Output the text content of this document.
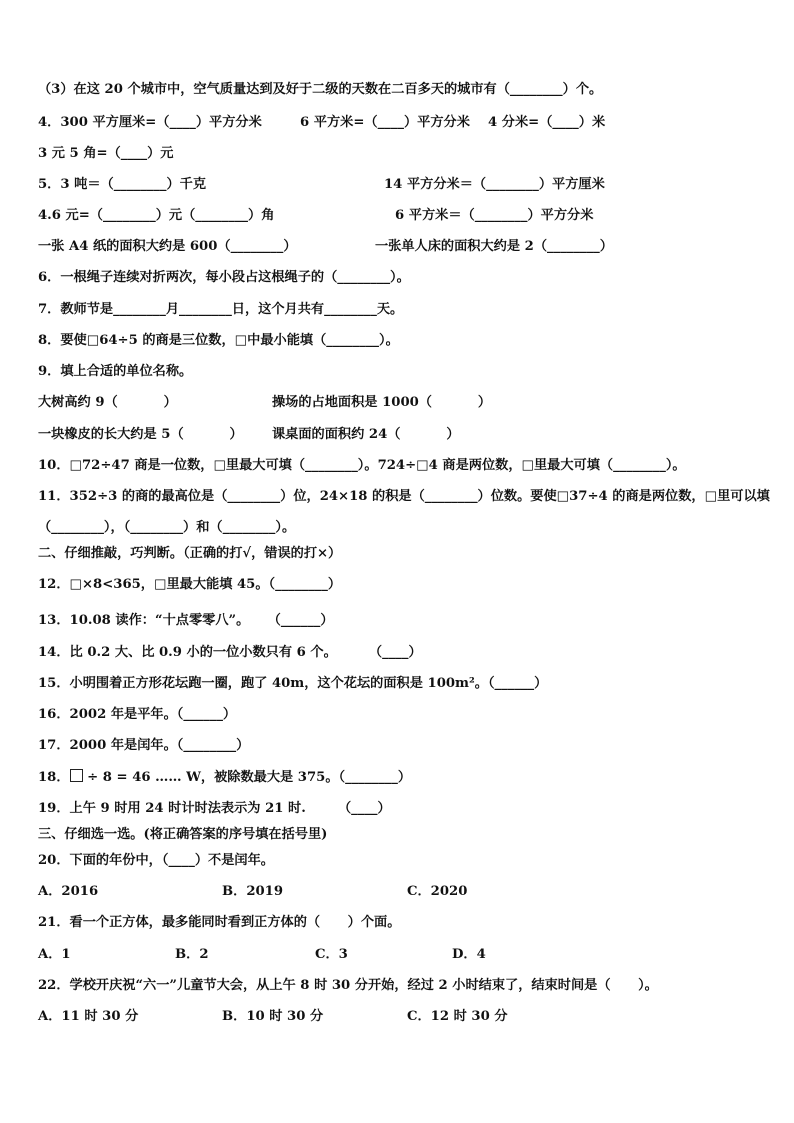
（3）在这 20 个城市中，空气质量达到及好于二级的天数在二百多天的城市有（________）个。
4．300 平方厘米=（____）平方分米	6 平方米=（____）平方分米 4 分米=（____）米
3 元 5 角=（____）元
5．3 吨＝（________）千克	14 平方分米＝（________）平方厘米
4.6 元=（________）元（________）角	6 平方米＝（________）平方分米
一张 A4 纸的面积大约是 600（________）	一张单人床的面积大约是 2（________）
6．一根绳子连续对折两次，每小段占这根绳子的（________）。
7．教师节是________月________日，这个月共有________天。
8．要使□64÷5 的商是三位数，□中最小能填（________）。
9．填上合适的单位名称。
大树高约 9（          ）	操场的占地面积是 1000（          ）
一块橡皮的长大约是 5（          ） 课桌面的面积约 24（          ）
10．□72÷47 商是一位数，□里最大可填（________）。724÷□4 商是两位数，□里最大可填（________）。
11．352÷3 的商的最高位是（________）位，24×18 的积是（________）位数。要使□37÷4 的商是两位数，□里可以填
（________），（________）和（________）。
二、仔细推敲，巧判断。（正确的打√，错误的打×）
12．□×8<365，□里最大能填 45。（________）
13．10.08 读作：“十点零零八”。    （______）
14．比 0.2 大、比 0.9 小的一位小数只有 6 个。       （____）
15．小明围着正方形花坛跑一圈，跑了 40m，这个花坛的面积是 100m²。（______）
16．2002 年是平年。（______）
17．2000 年是闰年。（________）
18． ÷ 8 = 46 …… W，被除数最大是 375。（________）
19．上午 9 时用 24 时计时法表示为 21 时.       （____）
三、仔细选一选。(将正确答案的序号填在括号里)
20．下面的年份中，（____）不是闰年。
A．2016	B．2019	C．2020
21．看一个正方体，最多能同时看到正方体的（      ）个面。
A．1	B．2	C．3	D．4
22．学校开庆祝“六一”儿童节大会，从上午 8 时 30 分开始，经过 2 小时结束了，结束时间是（      ）。
A．11 时 30 分	B．10 时 30 分	C．12 时 30 分
